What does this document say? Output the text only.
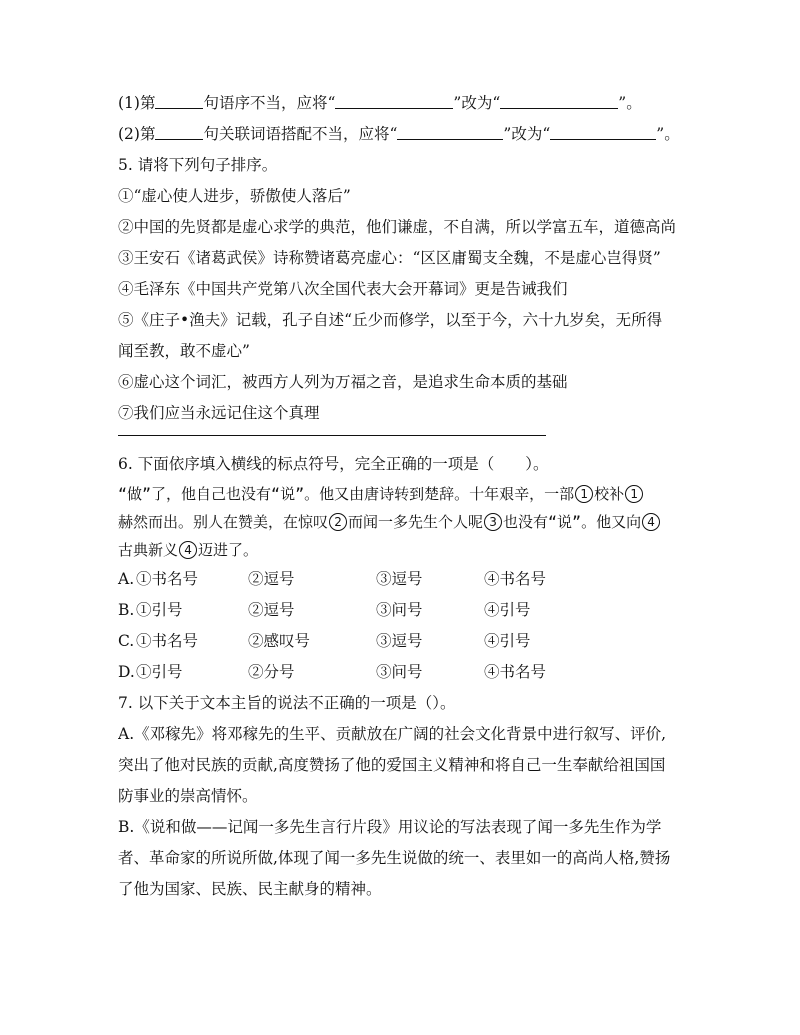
(1)第	句语序不当，应将“	”改为“	”。
(2)第	句关联词语搭配不当，应将“	”改为“	”。
5. 请将下列句子排序。
①“虚心使人进步，骄傲使人落后”
②中国的先贤都是虚心求学的典范，他们谦虚，不自满，所以学富五车，道德高尚
③王安石《诸葛武侯》诗称赞诸葛亮虚心：“区区庸蜀支全魏，不是虚心岂得贤”
④毛泽东《中国共产党第八次全国代表大会开幕词》更是告诫我们
⑤《庄子•渔夫》记载，孔子自述“丘少而修学，以至于今，六十九岁矣，无所得
闻至教，敢不虚心”
⑥虚心这个词汇，被西方人列为万福之音，是追求生命本质的基础
⑦我们应当永远记住这个真理
6. 下面依序填入横线的标点符号，完全正确的一项是（　　）。
“做”了，他自己也没有“说”。他又由唐诗转到楚辞。十年艰辛，一部 1 校补 1
赫然而出。别人在赞美，在惊叹 2 而闻一多先生个人呢 3 也没有“说”。他又向 4
古典新义 4 迈进了。
A. ①书名号	②逗号	③逗号	④书名号
B. ①引号	②逗号	③问号	④引号
C. ①书名号	②感叹号	③逗号	④引号
D. ①引号	②分号	③问号	④书名号
7. 以下关于文本主旨的说法不正确的一项是（）。
A.《邓稼先》将邓稼先的生平、贡献放在广阔的社会文化背景中进行叙写、评价,
突出了他对民族的贡献,高度赞扬了他的爱国主义精神和将自己一生奉献给祖国国
防事业的崇高情怀。
B.《说和做——记闻一多先生言行片段》用议论的写法表现了闻一多先生作为学
者、革命家的所说所做,体现了闻一多先生说做的统一、表里如一的高尚人格,赞扬
了他为国家、民族、民主献身的精神。
